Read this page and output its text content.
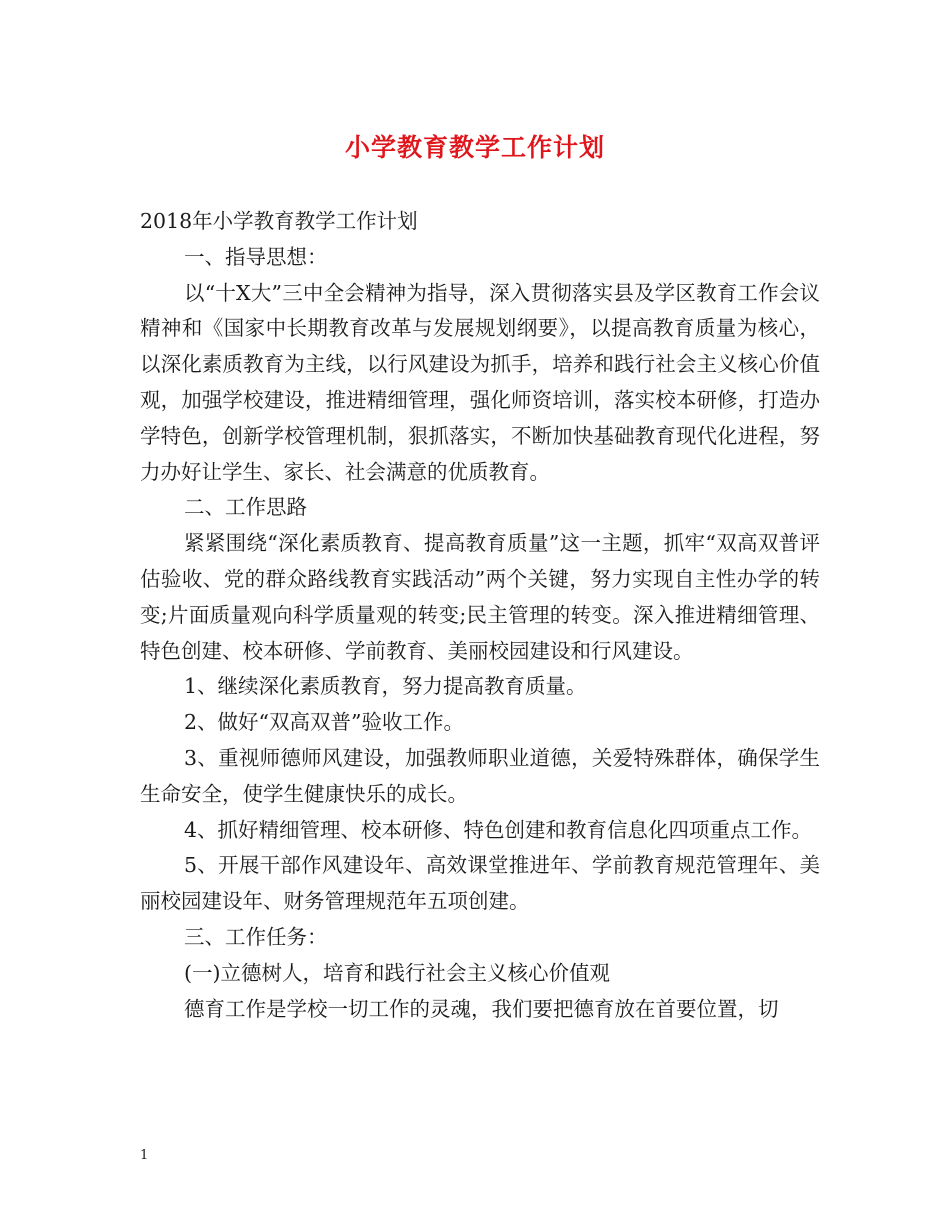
小学教育教学工作计划

2018年小学教育教学工作计划

一、指导思想：

以“十X大”三中全会精神为指导，深入贯彻落实县及学区教育工作会议精神和《国家中长期教育改革与发展规划纲要》，以提高教育质量为核心，以深化素质教育为主线，以行风建设为抓手，培养和践行社会主义核心价值观，加强学校建设，推进精细管理，强化师资培训，落实校本研修，打造办学特色，创新学校管理机制，狠抓落实，不断加快基础教育现代化进程，努力办好让学生、家长、社会满意的优质教育。

二、工作思路

紧紧围绕“深化素质教育、提高教育质量”这一主题，抓牢“双高双普评估验收、党的群众路线教育实践活动”两个关键，努力实现自主性办学的转变;片面质量观向科学质量观的转变;民主管理的转变。深入推进精细管理、特色创建、校本研修、学前教育、美丽校园建设和行风建设。

1、继续深化素质教育，努力提高教育质量。

2、做好“双高双普”验收工作。

3、重视师德师风建设，加强教师职业道德，关爱特殊群体，确保学生生命安全，使学生健康快乐的成长。

4、抓好精细管理、校本研修、特色创建和教育信息化四项重点工作。

5、开展干部作风建设年、高效课堂推进年、学前教育规范管理年、美丽校园建设年、财务管理规范年五项创建。

三、工作任务：

(一)立德树人，培育和践行社会主义核心价值观

德育工作是学校一切工作的灵魂，我们要把德育放在首要位置，切

1
